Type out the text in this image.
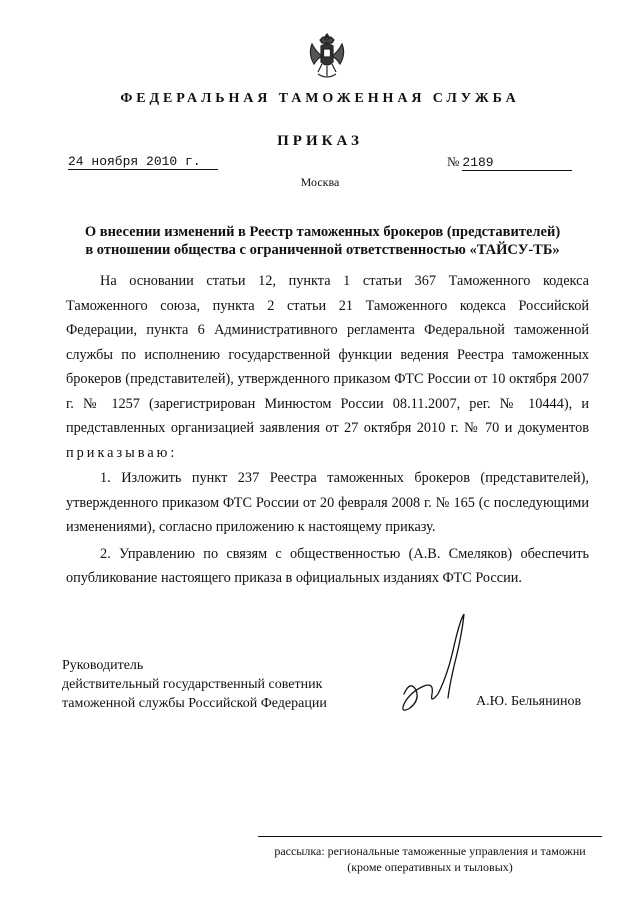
ФЕДЕРАЛЬНАЯ ТАМОЖЕННАЯ СЛУЖБА
ПРИКАЗ
24 ноября 2010 г.	№ 2189
Москва
О внесении изменений в Реестр таможенных брокеров (представителей)
в отношении общества с ограниченной ответственностью «ТАЙСУ-ТБ»

На основании статьи 12, пункта 1 статьи 367 Таможенного кодекса Таможенного союза, пункта 2 статьи 21 Таможенного кодекса Российской Федерации, пункта 6 Административного регламента Федеральной таможенной службы по исполнению государственной функции ведения Реестра таможенных брокеров (представителей), утвержденного приказом ФТС России от 10 октября 2007 г. № 1257 (зарегистрирован Минюстом России 08.11.2007, рег. № 10444), и представленных организацией заявления от 27 октября 2010 г. № 70 и документов приказываю:

1. Изложить пункт 237 Реестра таможенных брокеров (представителей), утвержденного приказом ФТС России от 20 февраля 2008 г. № 165 (с последующими изменениями), согласно приложению к настоящему приказу.

2. Управлению по связям с общественностью (А.В. Смеляков) обеспечить опубликование настоящего приказа в официальных изданиях ФТС России.

Руководитель
действительный государственный советник
таможенной службы Российской Федерации	А.Ю. Бельянинов
рассылка: региональные таможенные управления и таможни
(кроме оперативных и тыловых)
